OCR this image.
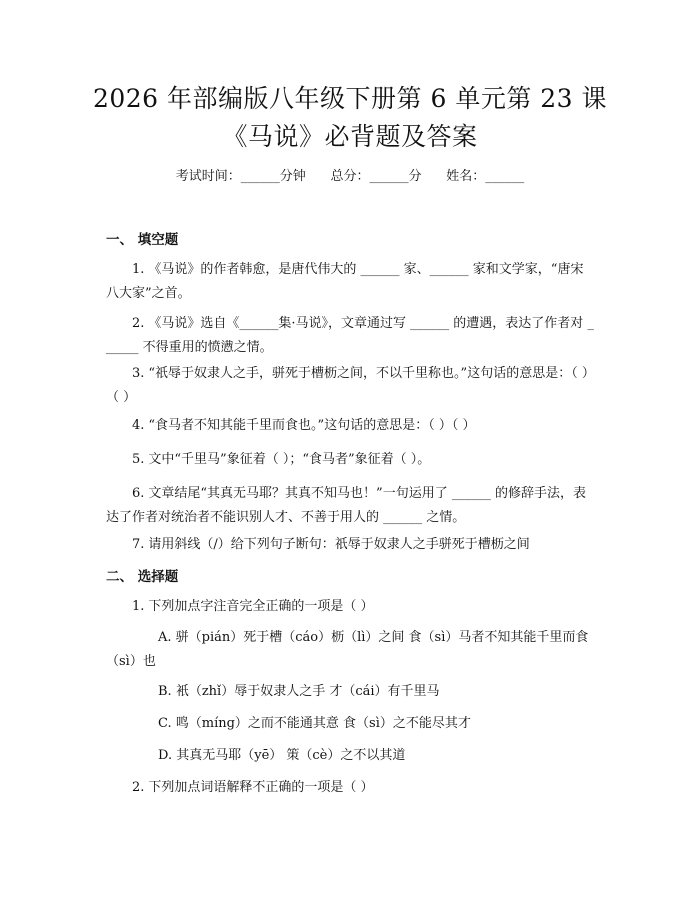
2026 年部编版八年级下册第 6 单元第 23 课
《马说》必背题及答案
考试时间：______分钟      总分：______分      姓名：______
一、 填空题
1. 《马说》的作者韩愈，是唐代伟大的 ______ 家、______ 家和文学家，“唐宋八大家”之首。
2. 《马说》选自《______集·马说》，文章通过写 ______ 的遭遇，表达了作者对 ______ 不得重用的愤懑之情。
3. “祇辱于奴隶人之手，骈死于槽枥之间，不以千里称也。”这句话的意思是：（ ）（ ）
4. “食马者不知其能千里而食也。”这句话的意思是：（ ）（ ）
5. 文中“千里马”象征着（ ）；“食马者”象征着（ ）。
6. 文章结尾“其真无马耶？其真不知马也！”一句运用了 ______ 的修辞手法，表达了作者对统治者不能识别人才、不善于用人的 ______ 之情。
7. 请用斜线（/）给下列句子断句：祇辱于奴隶人之手骈死于槽枥之间
二、 选择题
1. 下列加点字注音完全正确的一项是（ ）
A. 骈（pián）死于槽（cáo）枥（lì）之间 食（sì）马者不知其能千里而食（sì）也
B. 衹（zhǐ）辱于奴隶人之手 才（cái）有千里马
C. 鸣（míng）之而不能通其意 食（sì）之不能尽其才
D. 其真无马耶（yē） 策（cè）之不以其道
2. 下列加点词语解释不正确的一项是（ ）
